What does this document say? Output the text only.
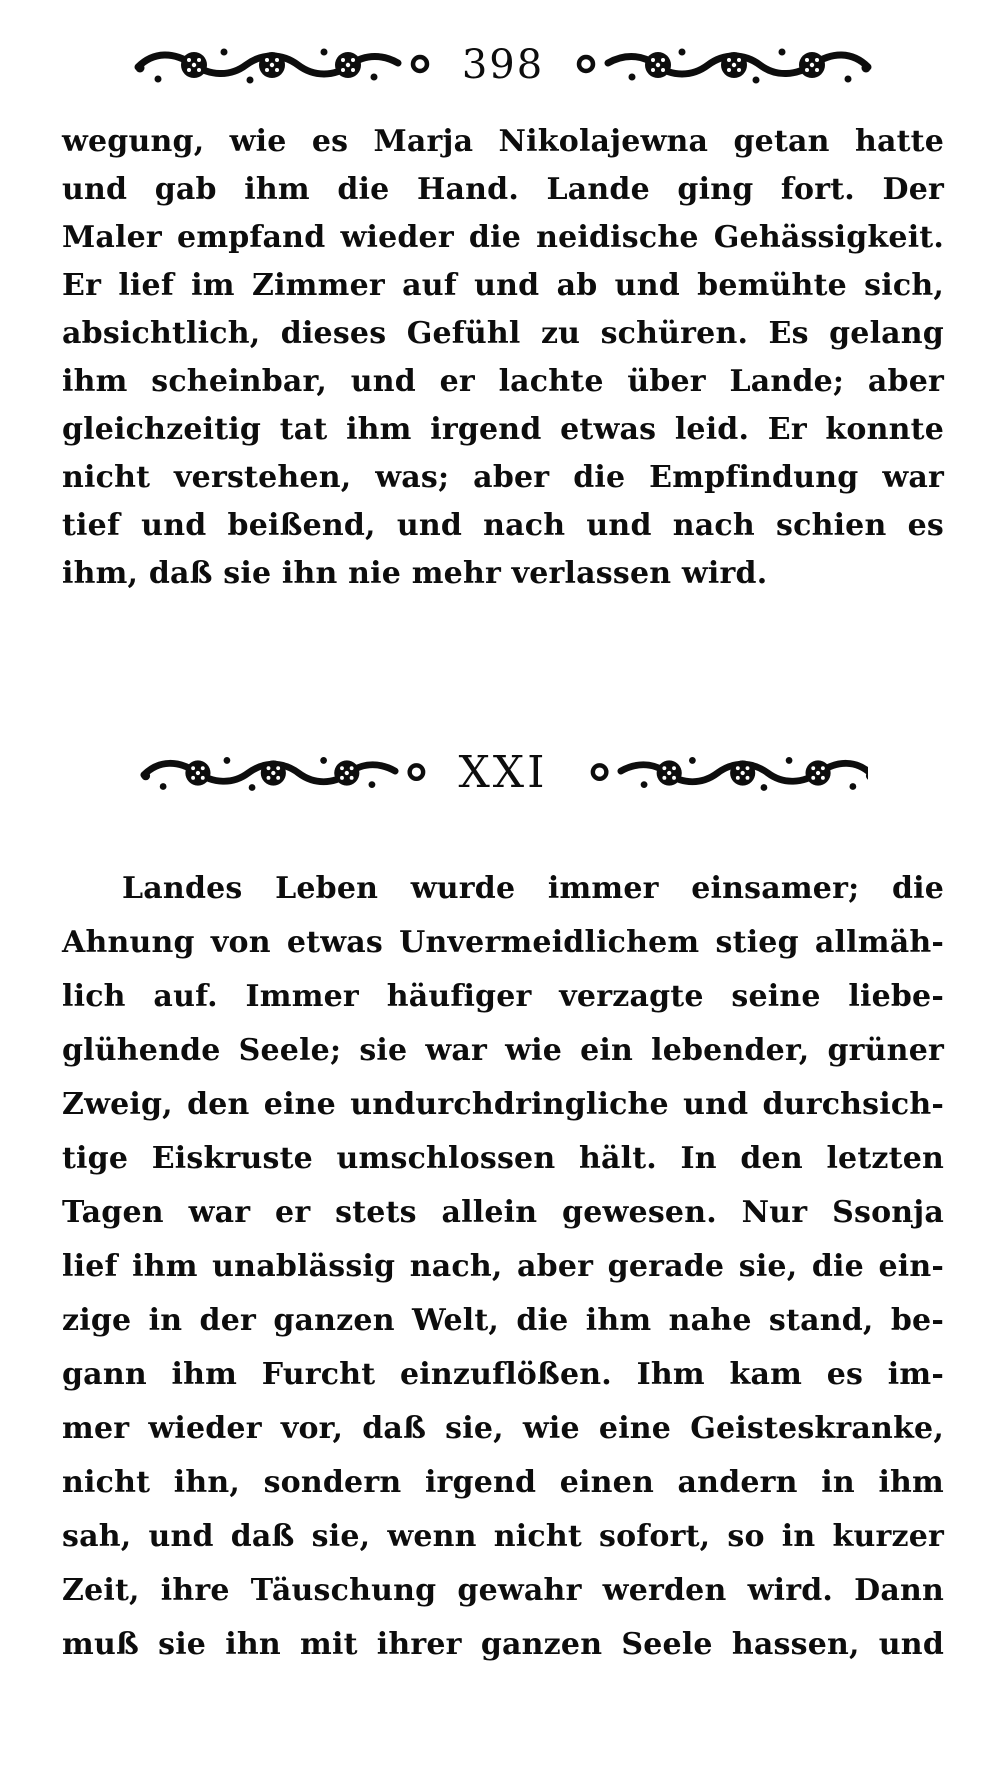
398
wegung, wie es Marja Nikolajewna getan hatte
und gab ihm die Hand. Lande ging fort. Der
Maler empfand wieder die neidische Gehässigkeit.
Er lief im Zimmer auf und ab und bemühte sich,
absichtlich, dieses Gefühl zu schüren. Es gelang
ihm scheinbar, und er lachte über Lande; aber
gleichzeitig tat ihm irgend etwas leid. Er konnte
nicht verstehen, was; aber die Empfindung war
tief und beißend, und nach und nach schien es
ihm, daß sie ihn nie mehr verlassen wird.
XXI
Landes Leben wurde immer einsamer; die
Ahnung von etwas Unvermeidlichem stieg allmäh-
lich auf. Immer häufiger verzagte seine liebe-
glühende Seele; sie war wie ein lebender, grüner
Zweig, den eine undurchdringliche und durchsich-
tige Eiskruste umschlossen hält. In den letzten
Tagen war er stets allein gewesen. Nur Ssonja
lief ihm unablässig nach, aber gerade sie, die ein-
zige in der ganzen Welt, die ihm nahe stand, be-
gann ihm Furcht einzuflößen. Ihm kam es im-
mer wieder vor, daß sie, wie eine Geisteskranke,
nicht ihn, sondern irgend einen andern in ihm
sah, und daß sie, wenn nicht sofort, so in kurzer
Zeit, ihre Täuschung gewahr werden wird. Dann
muß sie ihn mit ihrer ganzen Seele hassen, und
